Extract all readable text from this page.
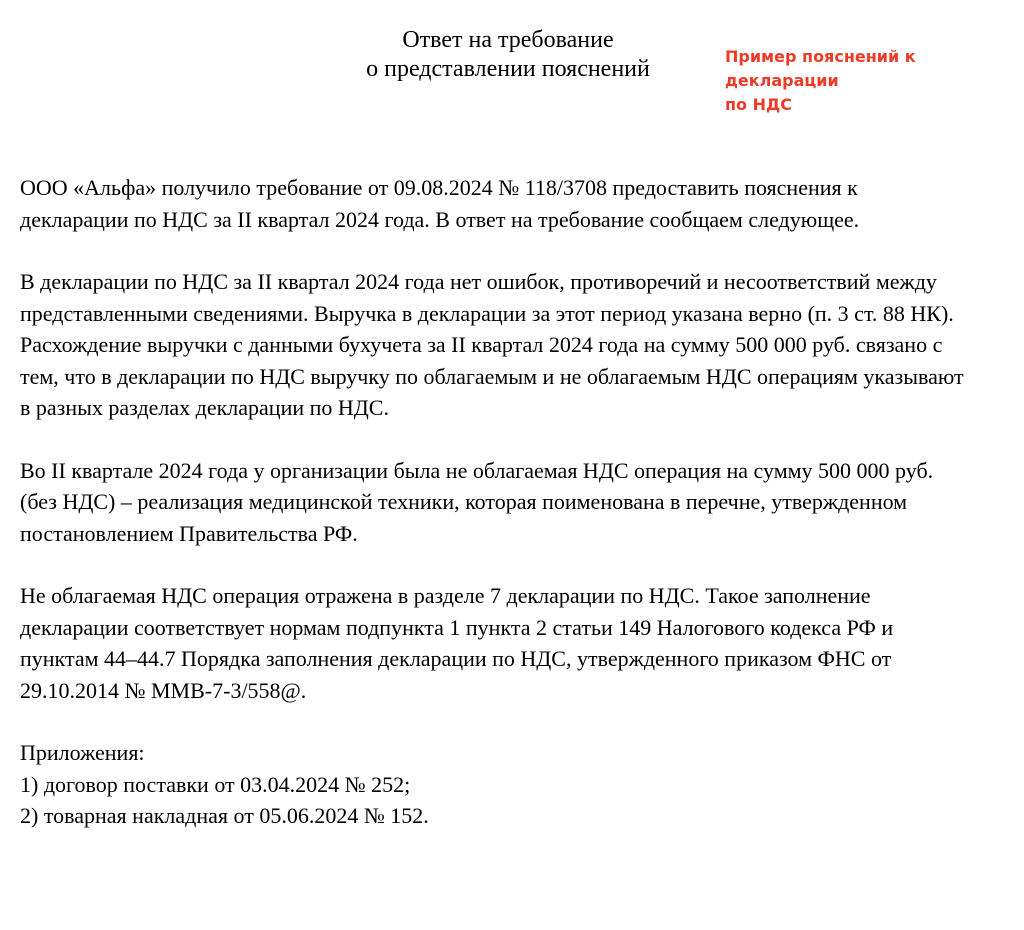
Ответ на требование
о представлении пояснений	Пример пояснений к декларации
по НДС

ООО «Альфа» получило требование от 09.08.2024 № 118/3708 предоставить пояснения к декларации по НДС за II квартал 2024 года. В ответ на требование сообщаем следующее.

В декларации по НДС за II квартал 2024 года нет ошибок, противоречий и несоответствий между представленными сведениями. Выручка в декларации за этот период указана верно (п. 3 ст. 88 НК). Расхождение выручки с данными бухучета за II квартал 2024 года на сумму 500 000 руб. связано с тем, что в декларации по НДС выручку по облагаемым и не облагаемым НДС операциям указывают в разных разделах декларации по НДС.

Во II квартале 2024 года у организации была не облагаемая НДС операция на сумму 500 000 руб. (без НДС) – реализация медицинской техники, которая поименована в перечне, утвержденном постановлением Правительства РФ.

Не облагаемая НДС операция отражена в разделе 7 декларации по НДС. Такое заполнение декларации соответствует нормам подпункта 1 пункта 2 статьи 149 Налогового кодекса РФ и пунктам 44–44.7 Порядка заполнения декларации по НДС, утвержденного приказом ФНС от 29.10.2014 № ММВ-7-3/558@.

Приложения:
1) договор поставки от 03.04.2024 № 252;
2) товарная накладная от 05.06.2024 № 152.
